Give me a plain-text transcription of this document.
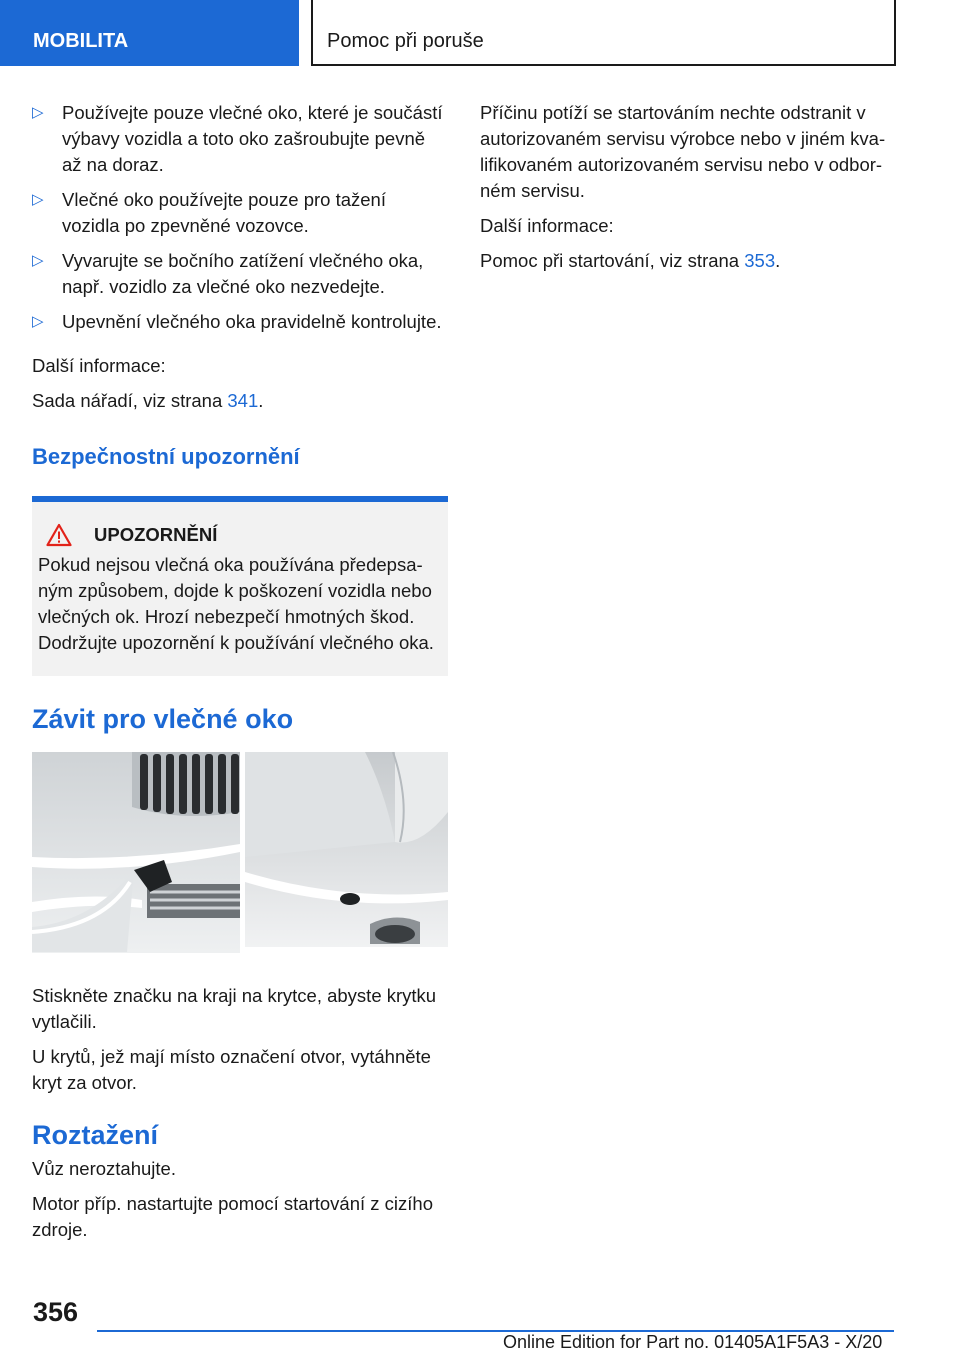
MOBILITA	Pomoc při poruše
▷ Používejte pouze vlečné oko, které je součástí výbavy vozidla a toto oko zašroubujte pevně až na doraz.
▷ Vlečné oko používejte pouze pro tažení vozidla po zpevněné vozovce.
▷ Vyvarujte se bočního zatížení vlečného oka, např. vozidlo za vlečné oko nezvedejte.
▷ Upevnění vlečného oka pravidelně kontrolujte.

Další informace:

Sada nářadí, viz strana 341.

Bezpečnostní upozornění
UPOZORNĚNÍ
Pokud nejsou vlečná oka používána předepsaným způsobem, dojde k poškození vozidla nebo vlečných ok. Hrozí nebezpečí hmotných škod. Dodržujte upozornění k používání vlečného oka.
Závit pro vlečné oko

Stiskněte značku na kraji na krytce, abyste krytku vytlačili.

U krytů, jež mají místo označení otvor, vytáhněte kryt za otvor.

Roztažení

Vůz neroztahujte.

Motor příp. nastartujte pomocí startování z cizího zdroje.

Příčinu potíží se startováním nechte odstranit v autorizovaném servisu výrobce nebo v jiném kvalifikovaném autorizovaném servisu nebo v odborném servisu.

Další informace:

Pomoc při startování, viz strana 353.

356
Online Edition for Part no. 01405A1F5A3 - X/20
